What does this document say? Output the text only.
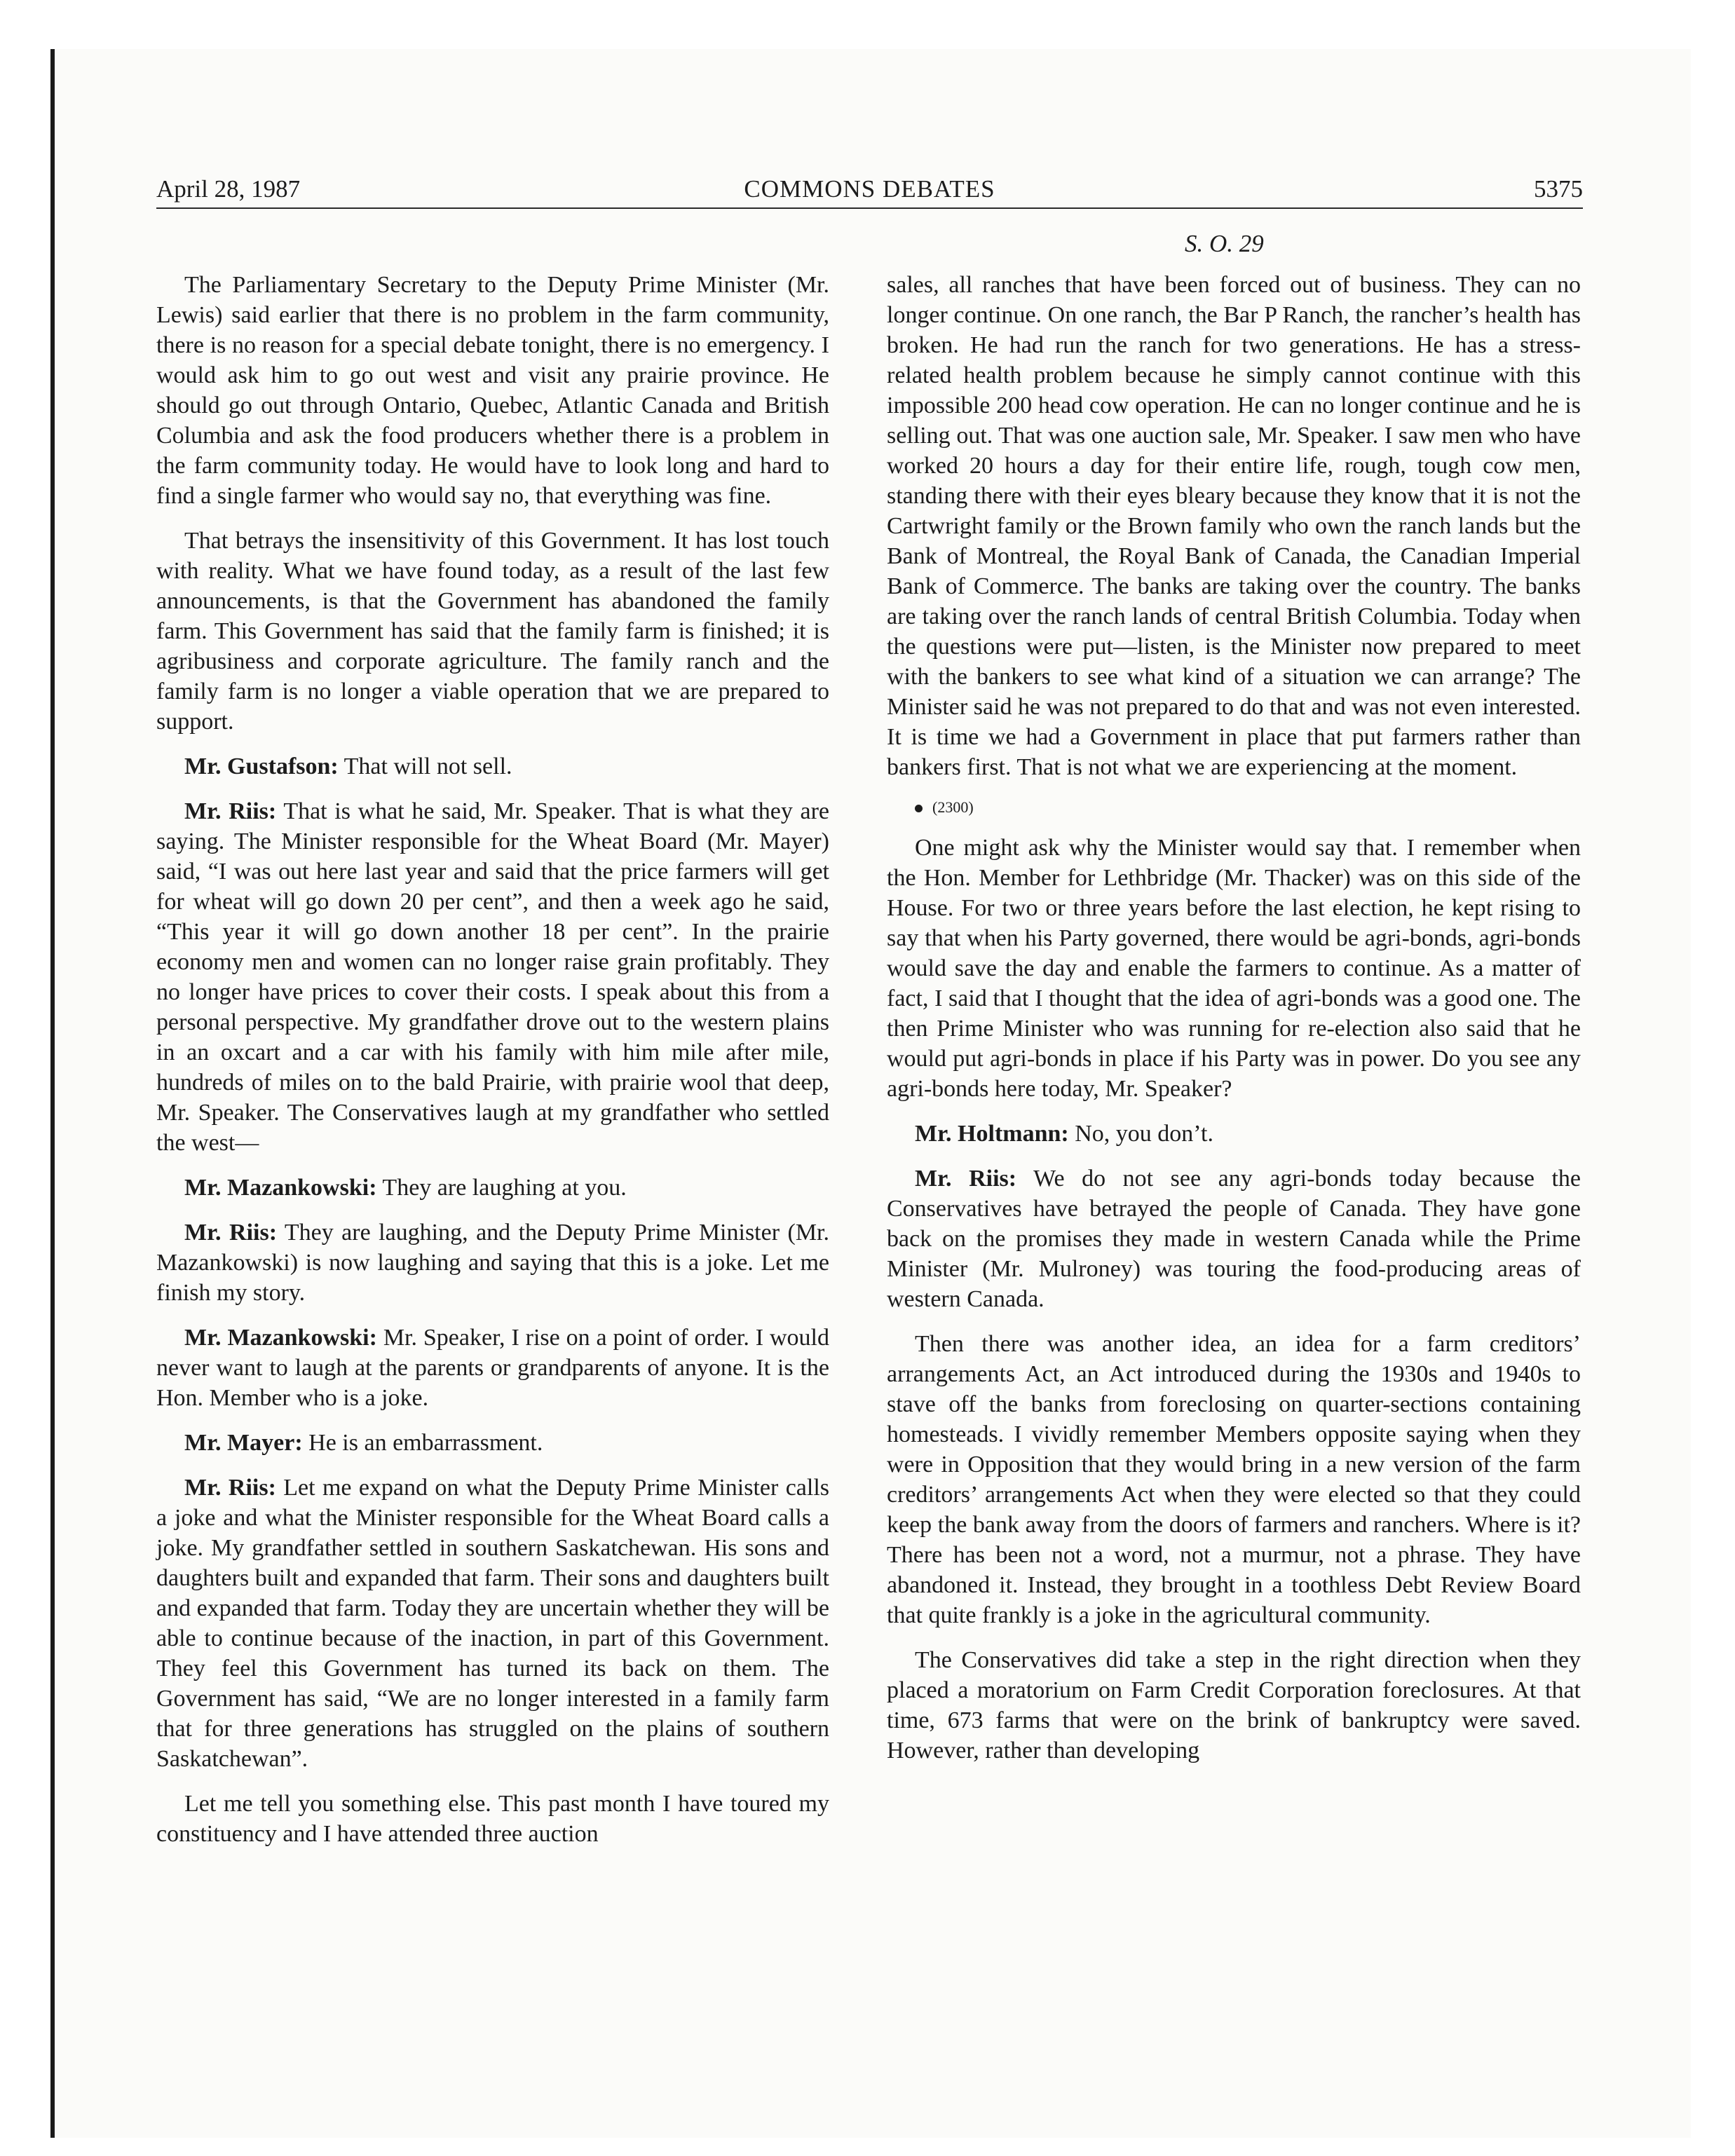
April 28, 1987	COMMONS DEBATES	5375
S. O. 29

The Parliamentary Secretary to the Deputy Prime Minister (Mr. Lewis) said earlier that there is no problem in the farm community, there is no reason for a special debate tonight, there is no emergency. I would ask him to go out west and visit any prairie province. He should go out through Ontario, Quebec, Atlantic Canada and British Columbia and ask the food producers whether there is a problem in the farm community today. He would have to look long and hard to find a single farmer who would say no, that everything was fine.

That betrays the insensitivity of this Government. It has lost touch with reality. What we have found today, as a result of the last few announcements, is that the Government has abandoned the family farm. This Government has said that the family farm is finished; it is agribusiness and corporate agriculture. The family ranch and the family farm is no longer a viable operation that we are prepared to support.

Mr. Gustafson: That will not sell.

Mr. Riis: That is what he said, Mr. Speaker. That is what they are saying. The Minister responsible for the Wheat Board (Mr. Mayer) said, “I was out here last year and said that the price farmers will get for wheat will go down 20 per cent”, and then a week ago he said, “This year it will go down another 18 per cent”. In the prairie economy men and women can no longer raise grain profitably. They no longer have prices to cover their costs. I speak about this from a personal perspective. My grandfather drove out to the western plains in an oxcart and a car with his family with him mile after mile, hundreds of miles on to the bald Prairie, with prairie wool that deep, Mr. Speaker. The Conservatives laugh at my grandfather who settled the west—

Mr. Mazankowski: They are laughing at you.

Mr. Riis: They are laughing, and the Deputy Prime Minister (Mr. Mazankowski) is now laughing and saying that this is a joke. Let me finish my story.

Mr. Mazankowski: Mr. Speaker, I rise on a point of order. I would never want to laugh at the parents or grandparents of anyone. It is the Hon. Member who is a joke.

Mr. Mayer: He is an embarrassment.

Mr. Riis: Let me expand on what the Deputy Prime Minister calls a joke and what the Minister responsible for the Wheat Board calls a joke. My grandfather settled in southern Saskatchewan. His sons and daughters built and expanded that farm. Their sons and daughters built and expanded that farm. Today they are uncertain whether they will be able to continue because of the inaction, in part of this Government. They feel this Government has turned its back on them. The Government has said, “We are no longer interested in a family farm that for three generations has struggled on the plains of southern Saskatchewan”.

Let me tell you something else. This past month I have toured my constituency and I have attended three auction

sales, all ranches that have been forced out of business. They can no longer continue. On one ranch, the Bar P Ranch, the rancher’s health has broken. He had run the ranch for two generations. He has a stress-related health problem because he simply cannot continue with this impossible 200 head cow operation. He can no longer continue and he is selling out. That was one auction sale, Mr. Speaker. I saw men who have worked 20 hours a day for their entire life, rough, tough cow men, standing there with their eyes bleary because they know that it is not the Cartwright family or the Brown family who own the ranch lands but the Bank of Montreal, the Royal Bank of Canada, the Canadian Imperial Bank of Commerce. The banks are taking over the country. The banks are taking over the ranch lands of central British Columbia. Today when the questions were put—listen, is the Minister now prepared to meet with the bankers to see what kind of a situation we can arrange? The Minister said he was not prepared to do that and was not even interested. It is time we had a Government in place that put farmers rather than bankers first. That is not what we are experiencing at the moment.

(2300)

One might ask why the Minister would say that. I remember when the Hon. Member for Lethbridge (Mr. Thacker) was on this side of the House. For two or three years before the last election, he kept rising to say that when his Party governed, there would be agri-bonds, agri-bonds would save the day and enable the farmers to continue. As a matter of fact, I said that I thought that the idea of agri-bonds was a good one. The then Prime Minister who was running for re-election also said that he would put agri-bonds in place if his Party was in power. Do you see any agri-bonds here today, Mr. Speaker?

Mr. Holtmann: No, you don’t.

Mr. Riis: We do not see any agri-bonds today because the Conservatives have betrayed the people of Canada. They have gone back on the promises they made in western Canada while the Prime Minister (Mr. Mulroney) was touring the food-producing areas of western Canada.

Then there was another idea, an idea for a farm creditors’ arrangements Act, an Act introduced during the 1930s and 1940s to stave off the banks from foreclosing on quarter-sections containing homesteads. I vividly remember Members opposite saying when they were in Opposition that they would bring in a new version of the farm creditors’ arrangements Act when they were elected so that they could keep the bank away from the doors of farmers and ranchers. Where is it? There has been not a word, not a murmur, not a phrase. They have abandoned it. Instead, they brought in a toothless Debt Review Board that quite frankly is a joke in the agricultural community.

The Conservatives did take a step in the right direction when they placed a moratorium on Farm Credit Corporation foreclosures. At that time, 673 farms that were on the brink of bankruptcy were saved. However, rather than developing
